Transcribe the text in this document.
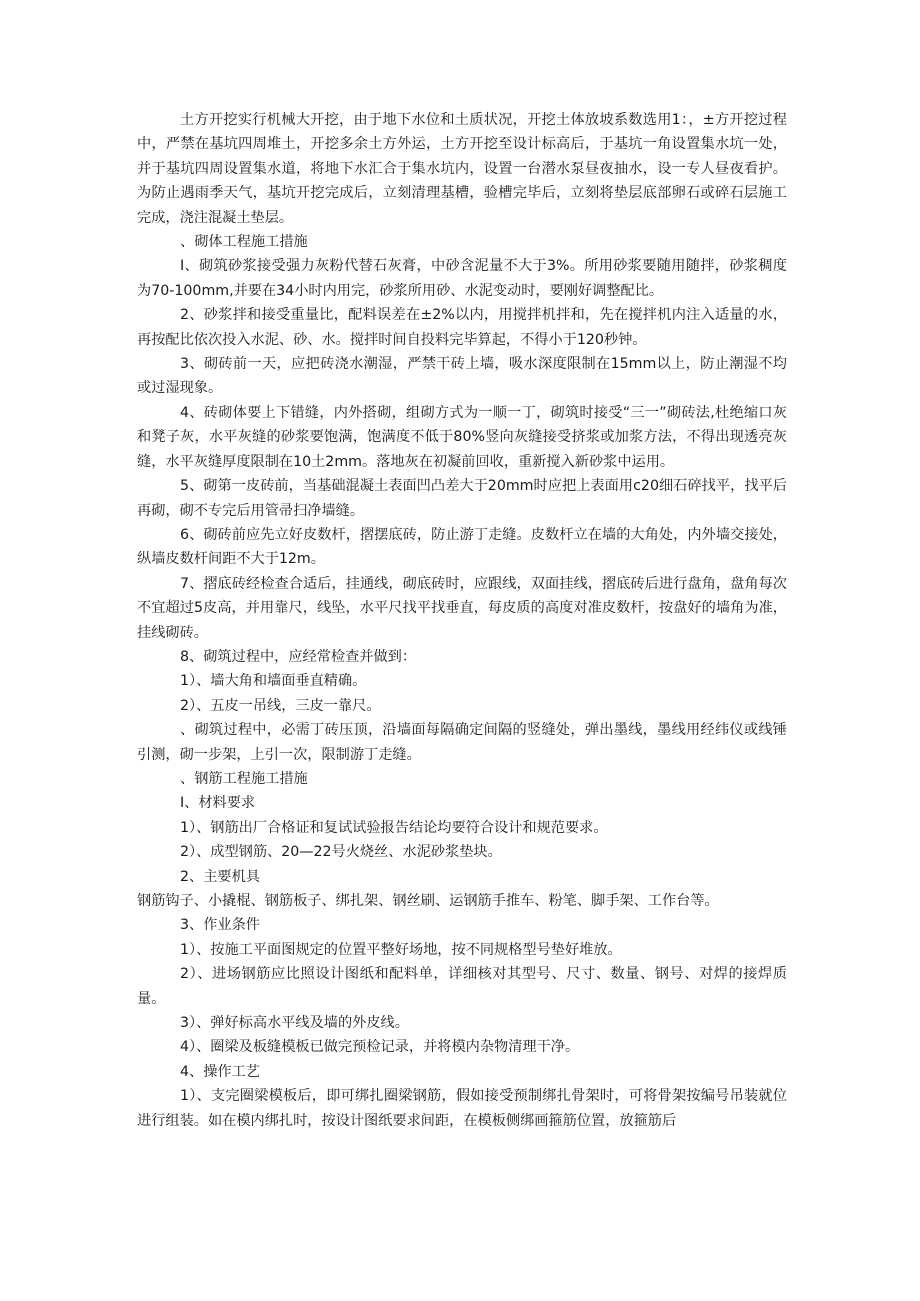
土方开挖实行机械大开挖，由于地下水位和土质状况，开挖土体放坡系数选用1：，±方开挖过程中，严禁在基坑四周堆土，开挖多余土方外运，土方开挖至设计标高后，于基坑一角设置集水坑一处，并于基坑四周设置集水道，将地下水汇合于集水坑内，设置一台潜水泵昼夜抽水，设一专人昼夜看护。为防止遇雨季天气，基坑开挖完成后，立刻清理基槽，验槽完毕后，立刻将垫层底部卵石或碎石层施工完成，浇注混凝土垫层。

、砌体工程施工措施

I、砌筑砂浆接受强力灰粉代替石灰膏，中砂含泥量不大于3%。所用砂浆要随用随拌，砂浆稠度为70-100mm,并要在34小时内用完，砂浆所用砂、水泥变动时，要刚好调整配比。

2、砂浆拌和接受重量比，配料误差在±2%以内，用搅拌机拌和，先在搅拌机内注入适量的水，再按配比依次投入水泥、砂、水。搅拌时间自投料完毕算起，不得小于120秒钟。

3、砌砖前一天，应把砖浇水潮湿，严禁干砖上墙，吸水深度限制在15mm以上，防止潮湿不均或过湿现象。

4、砖砌体要上下错缝，内外搭砌，组砌方式为一顺一丁，砌筑时接受“三一”砌砖法,杜绝缩口灰和凳子灰，水平灰缝的砂浆要饱满，饱满度不低于80%竖向灰缝接受挤浆或加浆方法，不得出现透亮灰缝，水平灰缝厚度限制在10土2mm。落地灰在初凝前回收，重新搅入新砂浆中运用。

5、砌第一皮砖前，当基础混凝土表面凹凸差大于20mm时应把上表面用c20细石碎找平，找平后再砌，砌不专完后用管帚扫净墙缝。

6、砌砖前应先立好皮数杆，摺摆底砖，防止游丁走缝。皮数杆立在墙的大角处，内外墙交接处，纵墙皮数杆间距不大于12m。

7、摺底砖经检查合适后，挂通线，砌底砖时，应跟线，双面挂线，摺底砖后进行盘角，盘角每次不宜超过5皮高，并用靠尺，线坠，水平尺找平找垂直，每皮质的高度对准皮数杆，按盘好的墙角为准，挂线砌砖。

8、砌筑过程中，应经常检查并做到：

1）、墙大角和墙面垂直精确。

2）、五皮一吊线，三皮一靠尺。

、砌筑过程中，必需丁砖压顶，沿墙面每隔确定间隔的竖缝处，弹出墨线，墨线用经纬仪或线锤引测，砌一步架，上引一次，限制游丁走缝。

、钢筋工程施工措施

I、材料要求

1）、钢筋出厂合格证和复试试验报告结论均要符合设计和规范要求。

2）、成型钢筋、20—22号火烧丝、水泥砂浆垫块。

2、主要机具

钢筋钩子、小撬棍、钢筋板子、绑扎架、钢丝刷、运钢筋手推车、粉笔、脚手架、工作台等。

3、作业条件

1）、按施工平面图规定的位置平整好场地，按不同规格型号垫好堆放。

2）、进场钢筋应比照设计图纸和配料单，详细核对其型号、尺寸、数量、钢号、对焊的接焊质量。

3）、弹好标高水平线及墙的外皮线。

4）、圈梁及板缝模板已做完预检记录，并将模内杂物清理干净。

4、操作工艺

1）、支完圈梁模板后，即可绑扎圈梁钢筋，假如接受预制绑扎骨架时，可将骨架按编号吊装就位进行组装。如在模内绑扎时，按设计图纸要求间距，在模板侧绑画箍筋位置，放箍筋后
